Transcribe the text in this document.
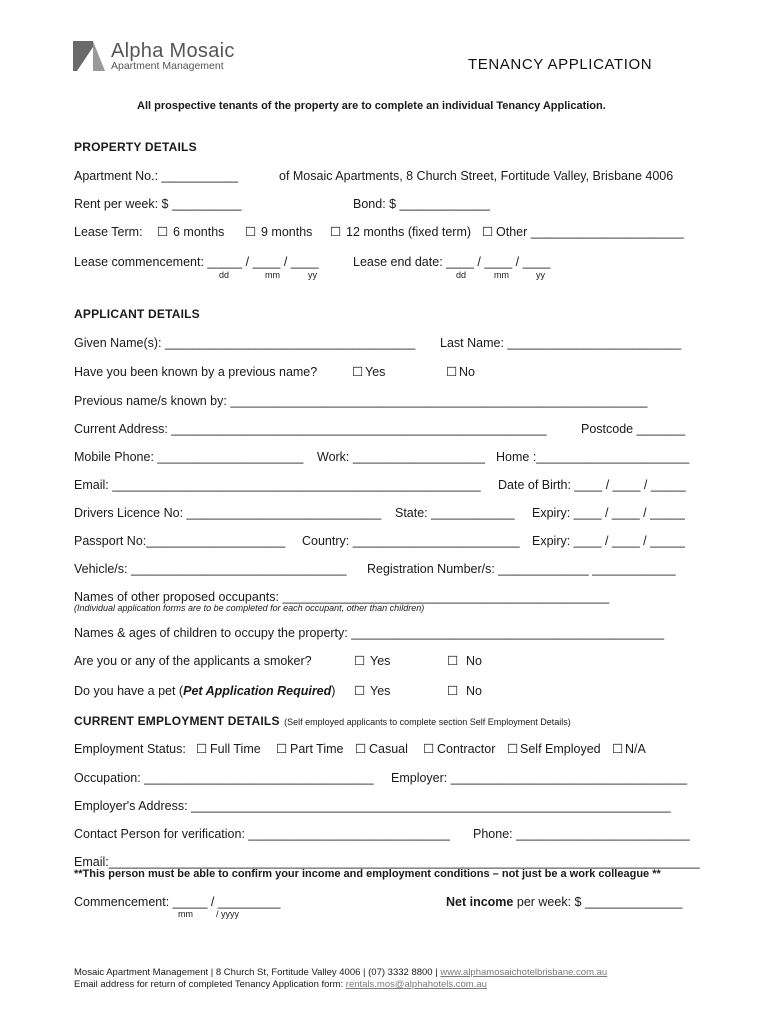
Alpha Mosaic
Apartment Management	TENANCY APPLICATION
All prospective tenants of the property are to complete an individual Tenancy Application.
PROPERTY DETAILS
Apartment No.: ___________	of Mosaic Apartments, 8 Church Street, Fortitude Valley, Brisbane 4006
Rent per week: $ __________	Bond: $ _____________
Lease Term: ☐ 6 months ☐ 9 months ☐ 12 months (fixed term) ☐ Other ______________________
Lease commencement: _____ / ____ / ____	Lease end date: ____ / ____ / ____
dd	mm	yy	dd	mm	yy
APPLICANT DETAILS
Given Name(s): ____________________________________ Last Name: _________________________
Have you been known by a previous name?	☐ Yes	☐ No
Previous name/s known by: ____________________________________________________________
Current Address: ______________________________________________________	Postcode _______
Mobile Phone: _____________________ Work: ___________________ Home :______________________
Email: _____________________________________________________ Date of Birth: ____ / ____ / _____
Drivers Licence No: ____________________________ State: ____________ Expiry: ____ / ____ / _____
Passport No:____________________ Country: ________________________ Expiry: ____ / ____ / _____
Vehicle/s: _______________________________ Registration Number/s: _____________ ____________
Names of other proposed occupants: _______________________________________________
(Individual application forms are to be completed for each occupant, other than children)
Names & ages of children to occupy the property: _____________________________________________
Are you or any of the applicants a smoker?	☐ Yes	☐ No
Do you have a pet (Pet Application Required) ☐ Yes	☐ No
CURRENT EMPLOYMENT DETAILS (Self employed applicants to complete section Self Employment Details)
Employment Status: ☐ Full Time ☐ Part Time ☐ Casual ☐ Contractor ☐ Self Employed ☐ N/A
Occupation: _________________________________ Employer: __________________________________
Employer's Address: _____________________________________________________________________
Contact Person for verification: _____________________________ Phone: _________________________
Email:_____________________________________________________________________________________
**This person must be able to confirm your income and employment conditions – not just be a work colleague **
Commencement: _____ / _________
mm	/ yyyy
Net income per week: $ ______________
Mosaic Apartment Management | 8 Church St, Fortitude Valley 4006 | (07) 3332 8800 | www.alphamosaichotelbrisbane.com.au
Email address for return of completed Tenancy Application form: rentals.mos@alphahotels.com.au
